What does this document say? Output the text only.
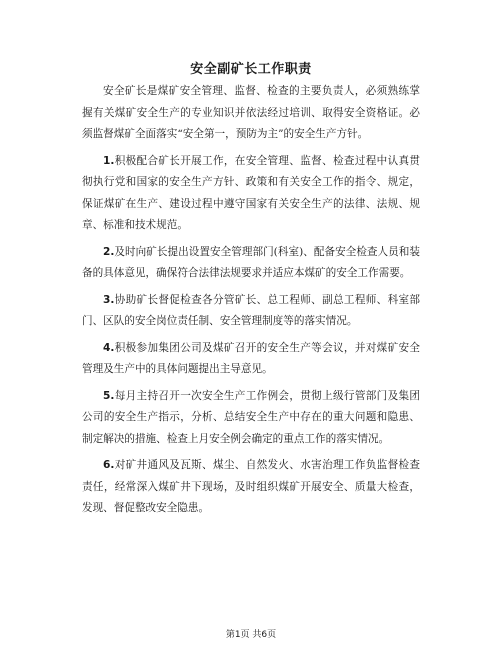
安全副矿长工作职责

安全矿长是煤矿安全管理、监督、检查的主要负责人，必须熟练掌握有关煤矿安全生产的专业知识并依法经过培训、取得安全资格证。必须监督煤矿全面落实“安全第一，预防为主”的安全生产方针。

1.积极配合矿长开展工作，在安全管理、监督、检查过程中认真贯彻执行党和国家的安全生产方针、政策和有关安全工作的指令、规定，保证煤矿在生产、建设过程中遵守国家有关安全生产的法律、法规、规章、标准和技术规范。

2.及时向矿长提出设置安全管理部门(科室)、配备安全检查人员和装备的具体意见，确保符合法律法规要求并适应本煤矿的安全工作需要。

3.协助矿长督促检查各分管矿长、总工程师、副总工程师、科室部门、区队的安全岗位责任制、安全管理制度等的落实情况。

4.积极参加集团公司及煤矿召开的安全生产等会议，并对煤矿安全管理及生产中的具体问题提出主导意见。

5.每月主持召开一次安全生产工作例会，贯彻上级行管部门及集团公司的安全生产指示，分析、总结安全生产中存在的重大问题和隐患、制定解决的措施、检查上月安全例会确定的重点工作的落实情况。

6.对矿井通风及瓦斯、煤尘、自然发火、水害治理工作负监督检查责任，经常深入煤矿井下现场，及时组织煤矿开展安全、质量大检查，发现、督促整改安全隐患。

第1页 共6页
